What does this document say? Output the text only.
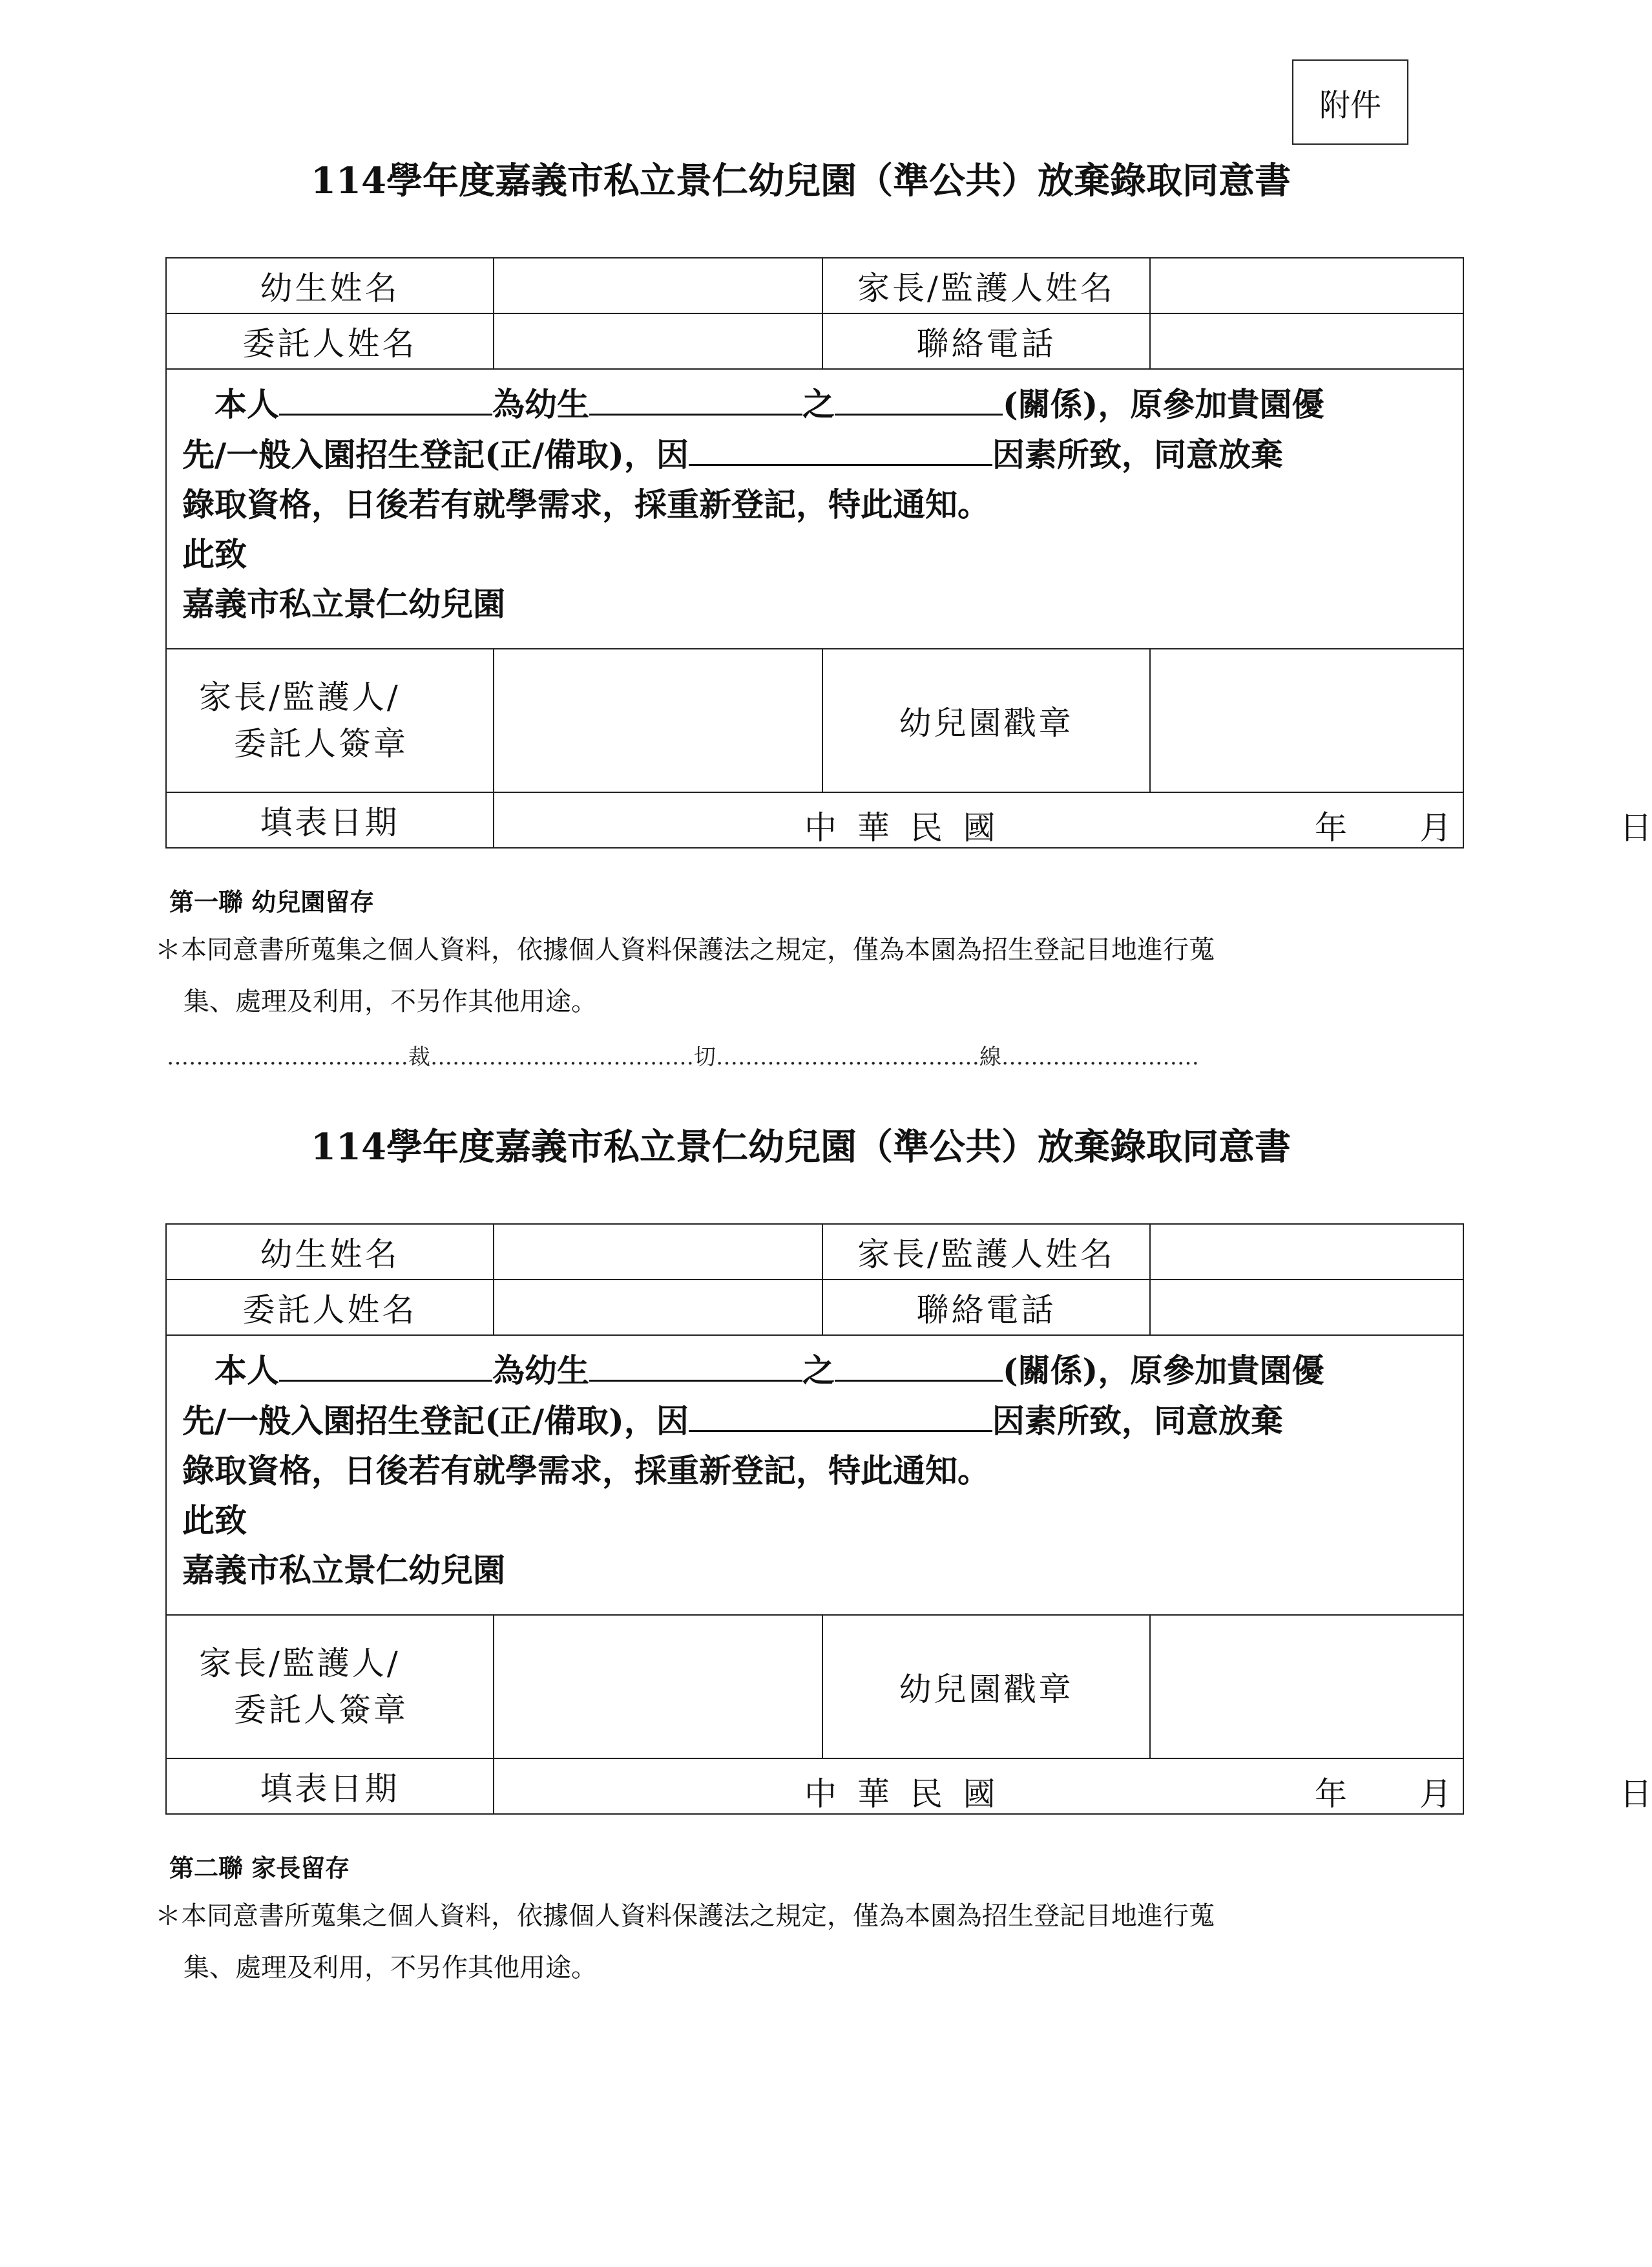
附件
114學年度嘉義市私立景仁幼兒園（準公共）放棄錄取同意書
幼生姓名		家長/監護人姓名	
委託人姓名		聯絡電話	

 本人 為幼生 之 (關係)，原參加貴園優

先/一般入園招生登記(正/備取)，因 因素所致，同意放棄

錄取資格，日後若有就學需求，採重新登記，特此通知。

此致

嘉義市私立景仁幼兒園			

家長/監護人/
 委託人簽章		幼兒園戳章	
填表日期	中 華 民 國 年 月 日		
第一聯 幼兒園留存
＊本同意書所蒐集之個人資料，依據個人資料保護法之規定，僅為本園為招生登記目地進行蒐
集、處理及利用，不另作其他用途。
……………………………裁………………………………切………………………………線………………………
114學年度嘉義市私立景仁幼兒園（準公共）放棄錄取同意書
幼生姓名		家長/監護人姓名	
委託人姓名		聯絡電話	

 本人 為幼生 之 (關係)，原參加貴園優

先/一般入園招生登記(正/備取)，因 因素所致，同意放棄

錄取資格，日後若有就學需求，採重新登記，特此通知。

此致

嘉義市私立景仁幼兒園			

家長/監護人/
 委託人簽章		幼兒園戳章	
填表日期	中 華 民 國 年 月 日		
第二聯 家長留存
＊本同意書所蒐集之個人資料，依據個人資料保護法之規定，僅為本園為招生登記目地進行蒐
集、處理及利用，不另作其他用途。
